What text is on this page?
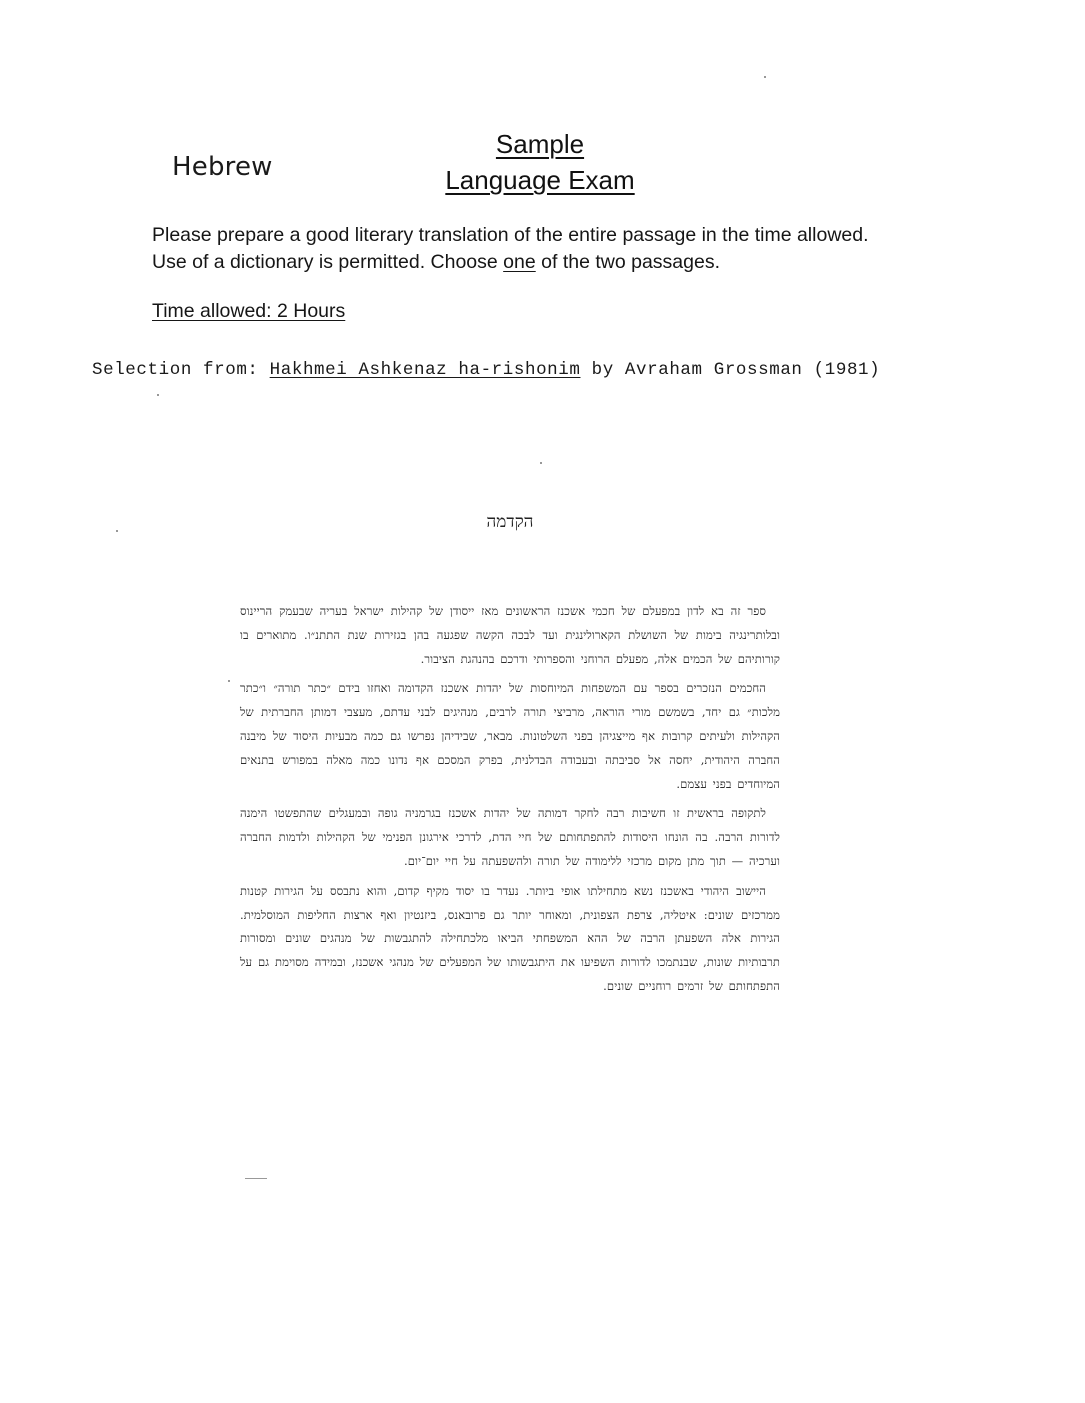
Hebrew
Sample
Language Exam
Please prepare a good literary translation of the entire passage in the time allowed.
Use of a dictionary is permitted. Choose one of the two passages.
Time allowed: 2 Hours
Selection from: Hakhmei Ashkenaz ha-rishonim by Avraham Grossman (1981)
הקדמה

ספר זה בא לדון במפעלם של חכמי אשכנז הראשונים מאז ייסודן של קהילות ישראל בעריה שבעמק הריינוס ובלותרינגיה בימות של השושלת הקארולינגית ועד לבכה הקשה שפגעה בהן בגזירות שנת התתנ״ו. מתוארים בו קורותיהם של הכמים אלה, מפעלם הרוחני והספרותי ודרכם בהנהגת הציבור.

החכמים הנזכרים בספר עם המשפחות המיוחסות של יהדות אשכנז הקדומה ואחזו בידם ״כתר תורה״ ו״כתר מלכות״ גם יחד, בשמשם מורי הוראה, מרביצי תורה לרבים, מנהיגים לבני עדתם, מעצבי דמותן החברתית של הקהילות ולעיתים קרובות אף מייצגיהן בפני השלטונות. מבאר, שבידיהן נפרשו גם כמה מבעיות היסוד של מיבנה החברה היהודית, יחסה אל סביבתה ובעבודה הבדלנית, בפרק המסכם אף נדונו כמה מאלה במפורש בתנאים המיוחדים בפני עצמם.

לתקופה בראשית זו חשיבות רבה לחקר דמותה של יהדות אשכנז בגרמניה גופה ובמעגלים שהתפשטו הימנה לדורות הרבה. בה הונחו היסודות להתפתחותם של חיי הדת, לדרכי אירגונן הפנימי של הקהילות ולדמות החברה וערכיה — תוך מתן מקום מרכזי ללימודה של תורה ולהשפעתה על חיי יום־יום.

היישוב היהודי באשכנז נשא מתחילתו אופי ביותר. נעדר בו יסוד מקיף קדום, והוא נתבסס על הגירות קטנות ממרכזים שונים: איטליה, צרפת הצפונית, ומאוחר יותר גם פרובאנס, ביזנטיון ואף ארצות החליפות המוסלמית. הגירות אלה השפעתן הרבה של ההא המשפחתי הביאו מלכתחילה להתגבשות של מנהגים שונים ומסורות תרבותיות שונות, שבנתמכו לדורות השפיעו את היתגבשותו של המפעלים של מנהגי אשכנז, ובמידה מסוימת גם על התפתחותם של זרמים רוחניים שונים.
